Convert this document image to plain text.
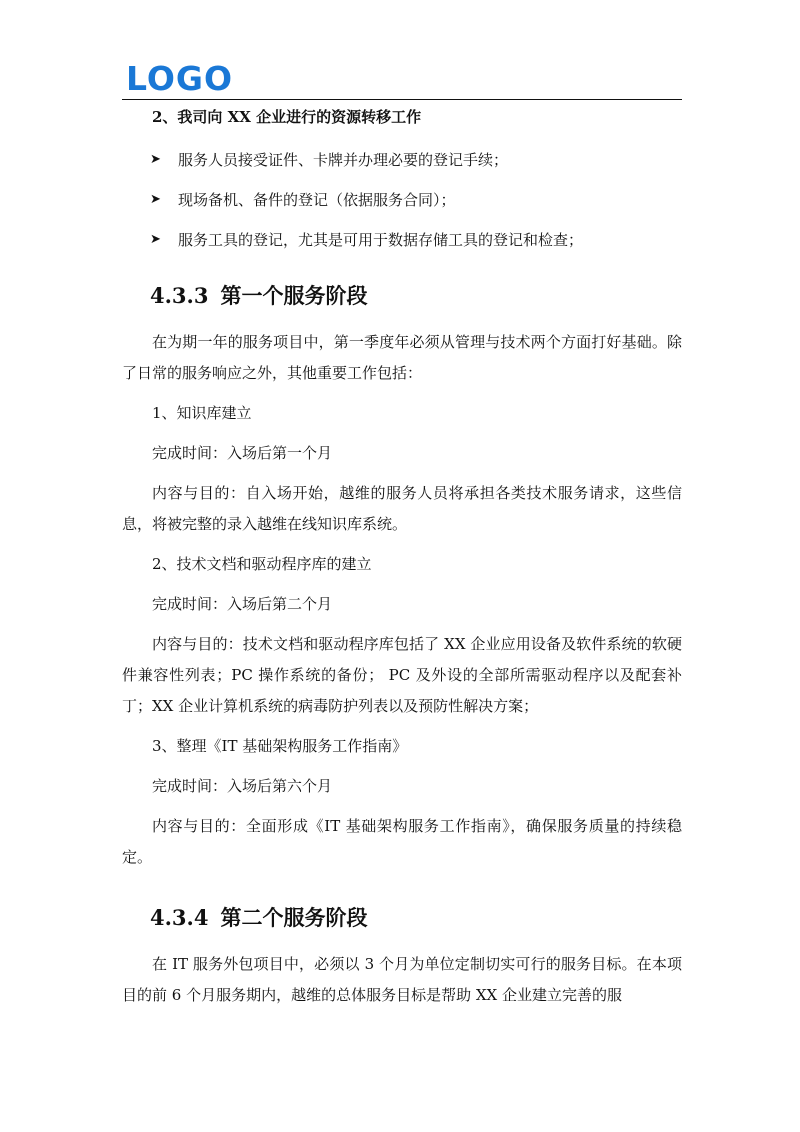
LOGO

2、我司向 XX 企业进行的资源转移工作

➤ 服务人员接受证件、卡牌并办理必要的登记手续；

➤ 现场备机、备件的登记（依据服务合同）；

➤ 服务工具的登记，尤其是可用于数据存储工具的登记和检查；

4.3.3 第一个服务阶段

在为期一年的服务项目中，第一季度年必须从管理与技术两个方面打好基础。除了日常的服务响应之外，其他重要工作包括：

1、知识库建立

完成时间：入场后第一个月

内容与目的：自入场开始，越维的服务人员将承担各类技术服务请求，这些信息，将被完整的录入越维在线知识库系统。

2、技术文档和驱动程序库的建立

完成时间：入场后第二个月

内容与目的：技术文档和驱动程序库包括了 XX 企业应用设备及软件系统的软硬件兼容性列表；PC 操作系统的备份； PC 及外设的全部所需驱动程序以及配套补丁；XX 企业计算机系统的病毒防护列表以及预防性解决方案；

3、整理《IT 基础架构服务工作指南》

完成时间：入场后第六个月

内容与目的：全面形成《IT 基础架构服务工作指南》，确保服务质量的持续稳定。

4.3.4 第二个服务阶段

在 IT 服务外包项目中，必须以 3 个月为单位定制切实可行的服务目标。在本项目的前 6 个月服务期内，越维的总体服务目标是帮助 XX 企业建立完善的服
